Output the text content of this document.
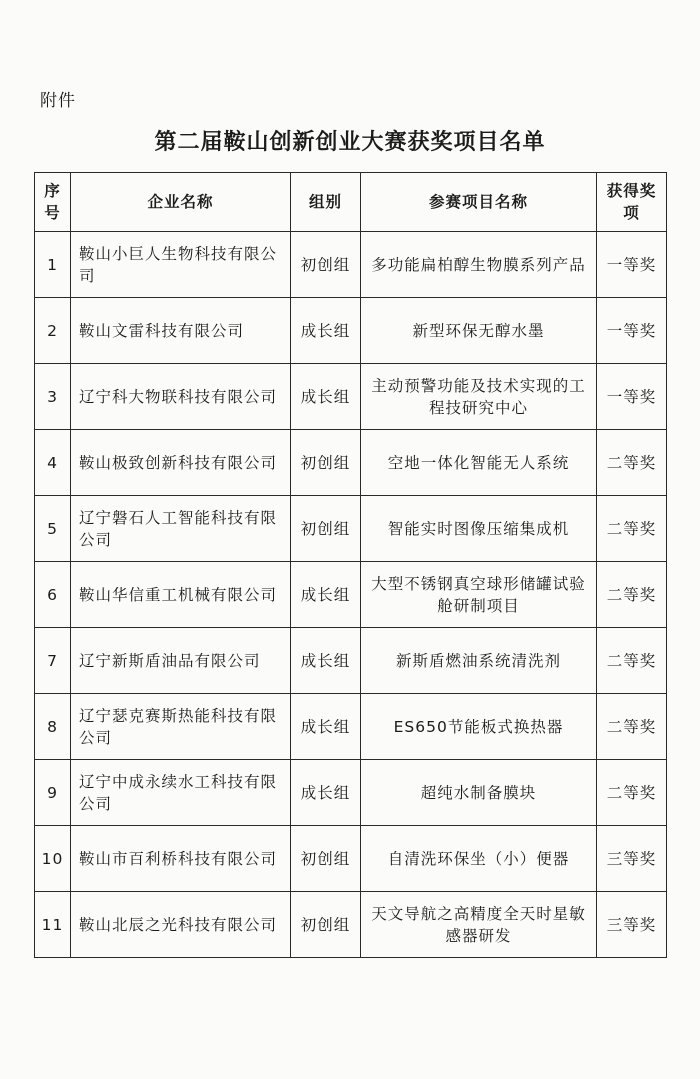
附件
第二届鞍山创新创业大赛获奖项目名单
序号	企业名称	组别	参赛项目名称	获得奖项
1	鞍山小巨人生物科技有限公司	初创组	多功能扁柏醇生物膜系列产品	一等奖
2	鞍山文雷科技有限公司	成长组	新型环保无醇水墨	一等奖
3	辽宁科大物联科技有限公司	成长组	主动预警功能及技术实现的工程技研究中心	一等奖
4	鞍山极致创新科技有限公司	初创组	空地一体化智能无人系统	二等奖
5	辽宁磐石人工智能科技有限公司	初创组	智能实时图像压缩集成机	二等奖
6	鞍山华信重工机械有限公司	成长组	大型不锈钢真空球形储罐试验舱研制项目	二等奖
7	辽宁新斯盾油品有限公司	成长组	新斯盾燃油系统清洗剂	二等奖
8	辽宁瑟克赛斯热能科技有限公司	成长组	ES650节能板式换热器	二等奖
9	辽宁中成永续水工科技有限公司	成长组	超纯水制备膜块	二等奖
10	鞍山市百利桥科技有限公司	初创组	自清洗环保坐（小）便器	三等奖
11	鞍山北辰之光科技有限公司	初创组	天文导航之高精度全天时星敏感器研发	三等奖
